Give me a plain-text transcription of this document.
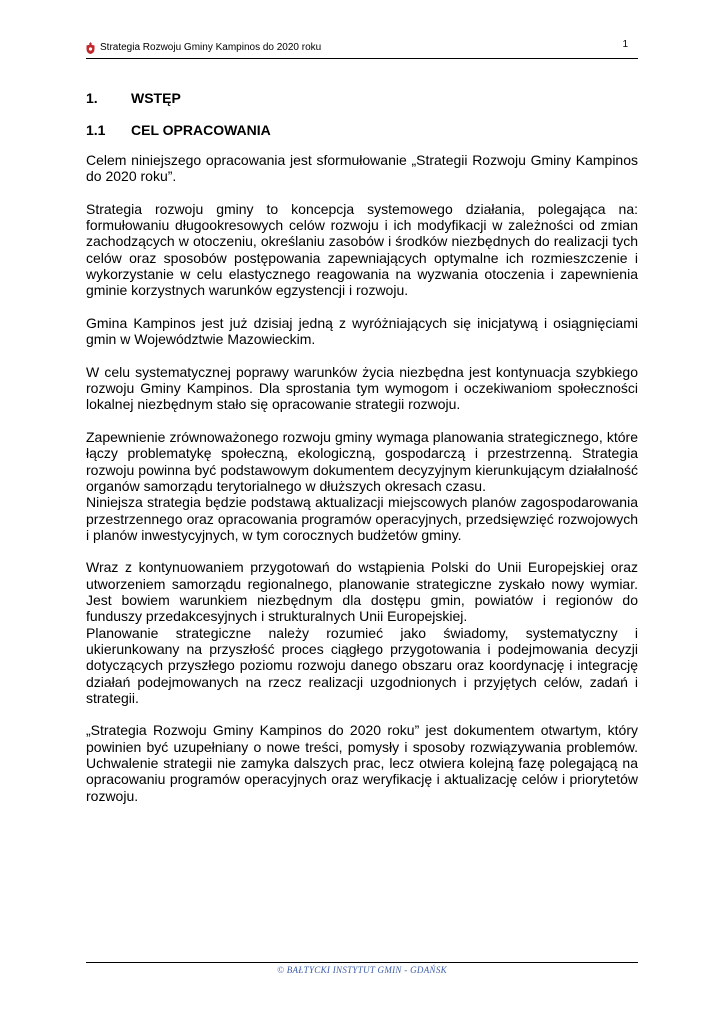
Strategia Rozwoju Gminy Kampinos do 2020 roku	1
1. WSTĘP
1.1 CEL OPRACOWANIA

Celem niniejszego opracowania jest sformułowanie „Strategii Rozwoju Gminy Kampinos do 2020 roku”.

Strategia rozwoju gminy to koncepcja systemowego działania, polegająca na: formułowaniu długookresowych celów rozwoju i ich modyfikacji w zależności od zmian zachodzących w otoczeniu, określaniu zasobów i środków niezbędnych do realizacji tych celów oraz sposobów postępowania zapewniających optymalne ich rozmieszczenie i wykorzystanie w celu elastycznego reagowania na wyzwania otoczenia i zapewnienia gminie korzystnych warunków egzystencji i rozwoju.

Gmina Kampinos jest już dzisiaj jedną z wyróżniających się inicjatywą i osiągnięciami gmin w Województwie Mazowieckim.

W celu systematycznej poprawy warunków życia niezbędna jest kontynuacja szybkiego rozwoju Gminy Kampinos. Dla sprostania tym wymogom i oczekiwaniom społeczności lokalnej niezbędnym stało się opracowanie strategii rozwoju.

Zapewnienie zrównoważonego rozwoju gminy wymaga planowania strategicznego, które łączy problematykę społeczną, ekologiczną, gospodarczą i przestrzenną. Strategia rozwoju powinna być podstawowym dokumentem decyzyjnym kierunkującym działalność organów samorządu terytorialnego w dłuższych okresach czasu.

Niniejsza strategia będzie podstawą aktualizacji miejscowych planów zagospodarowania przestrzennego oraz opracowania programów operacyjnych, przedsięwzięć rozwojowych i planów inwestycyjnych, w tym corocznych budżetów gminy.

Wraz z kontynuowaniem przygotowań do wstąpienia Polski do Unii Europejskiej oraz utworzeniem samorządu regionalnego, planowanie strategiczne zyskało nowy wymiar. Jest bowiem warunkiem niezbędnym dla dostępu gmin, powiatów i regionów do funduszy przedakcesyjnych i strukturalnych Unii Europejskiej.

Planowanie strategiczne należy rozumieć jako świadomy, systematyczny i ukierunkowany na przyszłość proces ciągłego przygotowania i podejmowania decyzji dotyczących przyszłego poziomu rozwoju danego obszaru oraz koordynację i integrację działań podejmowanych na rzecz realizacji uzgodnionych i przyjętych celów, zadań i strategii.

„Strategia Rozwoju Gminy Kampinos do 2020 roku” jest dokumentem otwartym, który powinien być uzupełniany o nowe treści, pomysły i sposoby rozwiązywania problemów. Uchwalenie strategii nie zamyka dalszych prac, lecz otwiera kolejną fazę polegającą na opracowaniu programów operacyjnych oraz weryfikację i aktualizację celów i priorytetów rozwoju.

© BAŁTYCKI INSTYTUT GMIN - GDAŃSK
